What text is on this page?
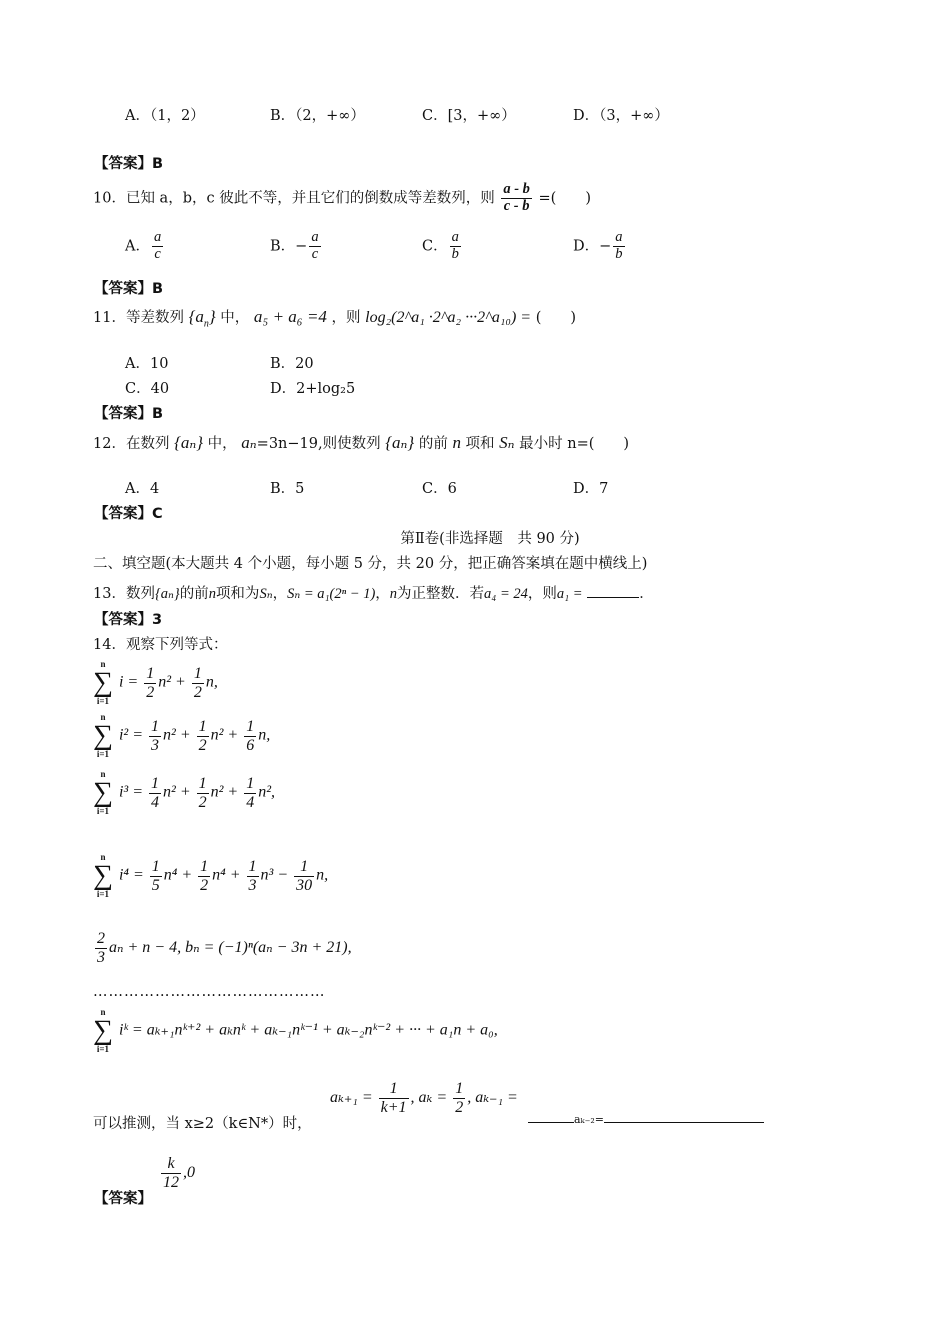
A．（1，2）	B．（2，+∞）	C．[3，+∞）	D．（3，+∞）
【答案】B
10．已知 a，b，c 彼此不等，并且它们的倒数成等差数列，则 $\frac{a - b}{c - b}$ =(　　)
A． $\frac{a}{c}$	B．− $\frac{a}{c}$	C． $\frac{a}{b}$	D．− $\frac{a}{b}$
【答案】B
11．等差数列 $\{a_n\}$ 中， a₅ + a₆ =4 ，则 log₂(2^a₁ ·2^a₂ ···2^a₁₀) = (　　)
A．10	B．20
C．40	D．2+log₂5
【答案】B
12．在数列 {aₙ} 中， aₙ=3n−19,则使数列 {aₙ} 的前 n 项和 Sₙ 最小时 n=(　　)
A．4	B．5	C．6	D．7
【答案】C
第Ⅱ卷(非选择题　共 90 分)
二、填空题(本大题共 4 个小题，每小题 5 分，共 20 分，把正确答案填在题中横线上)
13．数列{aₙ}的前n项和为Sₙ，Sₙ = a₁(2ⁿ − 1)，n为正整数．若a₄ = 24，则a₁ =	．
【答案】3
14．观察下列等式：
n
∑
i=1
$i = \frac{1}{2} n^2 + \frac{1}{2} n$,
n
∑
i=1
$i^2 = \frac{1}{3} n^2 + \frac{1}{2} n^2 + \frac{1}{6} n$,
n
∑
i=1
$i^3 = \frac{1}{4} n^2 + \frac{1}{2} n^2 + \frac{1}{4} n^2$,
n
∑
i=1
$i^4 = \frac{1}{5} n^4 + \frac{1}{2} n^4 + \frac{1}{3} n^3 - \frac{1}{30} n$,
$\frac{2}{3}$ aₙ + n − 4, bₙ = (−1)ⁿ(aₙ − 3n + 21),
………………………………………
n
∑
i=1
iᵏ = aₖ₊₁nᵏ⁺² + aₖnᵏ + aₖ₋₁nᵏ⁻¹ + aₖ₋₂nᵏ⁻² + ··· + a₁n + a₀,
可以推测，当 x≥2（k∈N*）时，
$a_{k+1} = \frac{1}{k+1}$ , $a_k = \frac{1}{2}$ , aₖ₋₁ =
aₖ₋₂=
【答案】
$\frac{k}{12} ,0$
